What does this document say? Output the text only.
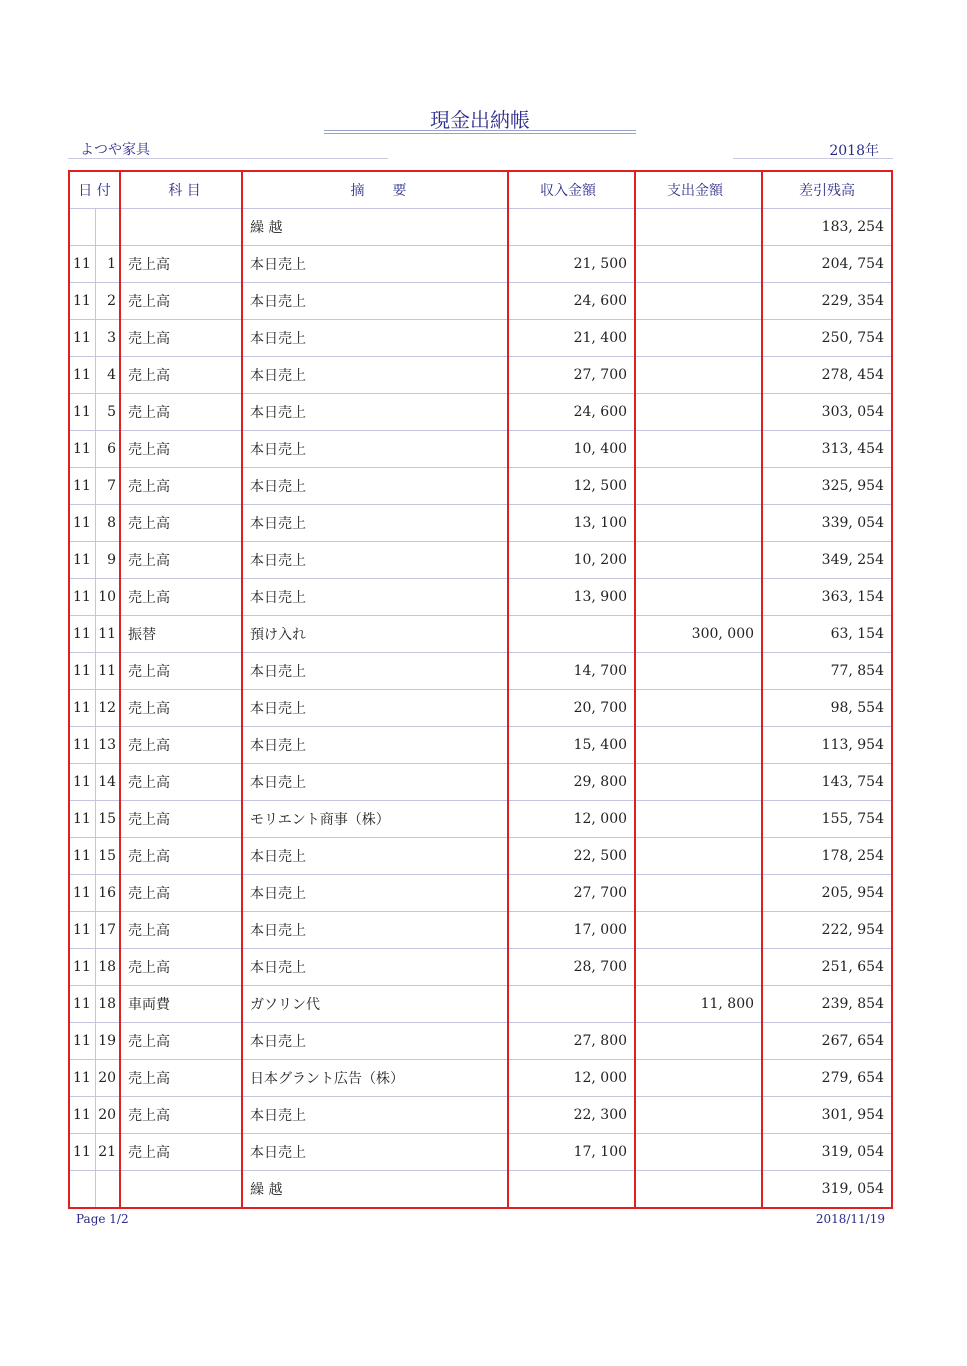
現金出納帳
よつや家具	2018年
日 付		科 目	摘　　要	収入金額	支出金額	差引残高
			繰 越			183, 254
11	1	売上高	本日売上	21, 500		204, 754
11	2	売上高	本日売上	24, 600		229, 354
11	3	売上高	本日売上	21, 400		250, 754
11	4	売上高	本日売上	27, 700		278, 454
11	5	売上高	本日売上	24, 600		303, 054
11	6	売上高	本日売上	10, 400		313, 454
11	7	売上高	本日売上	12, 500		325, 954
11	8	売上高	本日売上	13, 100		339, 054
11	9	売上高	本日売上	10, 200		349, 254
11	10	売上高	本日売上	13, 900		363, 154
11	11	振替	預け入れ		300, 000	63, 154
11	11	売上高	本日売上	14, 700		77, 854
11	12	売上高	本日売上	20, 700		98, 554
11	13	売上高	本日売上	15, 400		113, 954
11	14	売上高	本日売上	29, 800		143, 754
11	15	売上高	モリエント商事（株）	12, 000		155, 754
11	15	売上高	本日売上	22, 500		178, 254
11	16	売上高	本日売上	27, 700		205, 954
11	17	売上高	本日売上	17, 000		222, 954
11	18	売上高	本日売上	28, 700		251, 654
11	18	車両費	ガソリン代		11, 800	239, 854
11	19	売上高	本日売上	27, 800		267, 654
11	20	売上高	日本グラント広告（株）	12, 000		279, 654
11	20	売上高	本日売上	22, 300		301, 954
11	21	売上高	本日売上	17, 100		319, 054
			繰 越			319, 054
Page 1/2	2018/11/19
